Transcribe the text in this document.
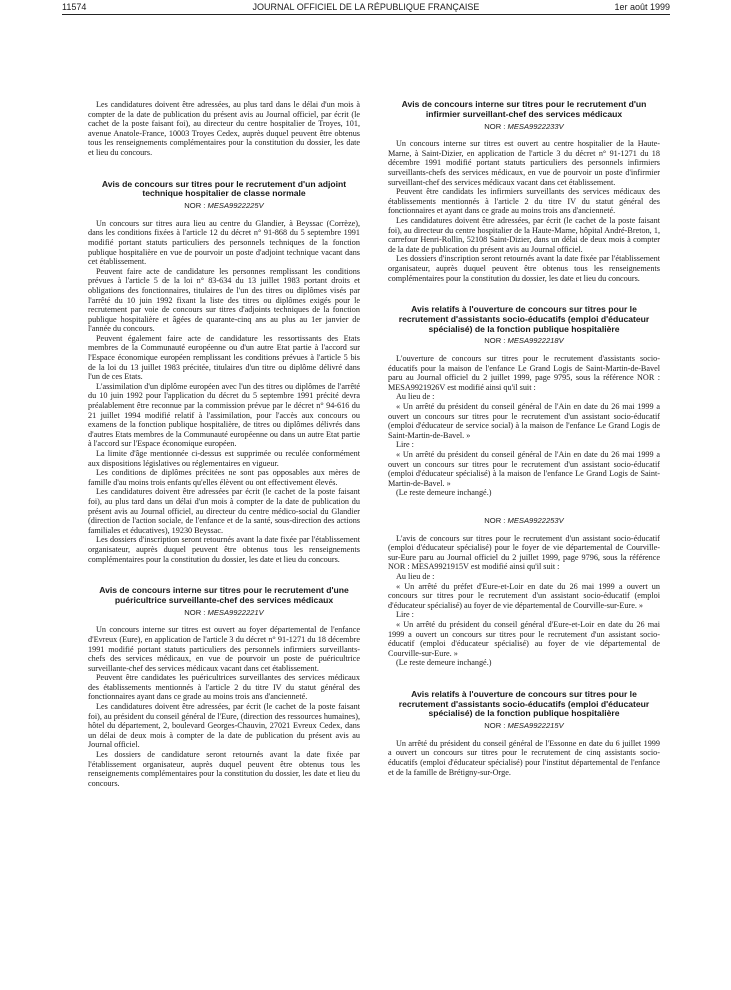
11574	JOURNAL OFFICIEL DE LA RÉPUBLIQUE FRANÇAISE	1er août 1999

Les candidatures doivent être adressées, au plus tard dans le délai d'un mois à compter de la date de publication du présent avis au Journal officiel, par écrit (le cachet de la poste faisant foi), au directeur du centre hospitalier de Troyes, 101, avenue Anatole-France, 10003 Troyes Cedex, auprès duquel peuvent être obtenus tous les renseignements complémentaires pour la constitution du dossier, les date et lieu du concours.

Avis de concours sur titres pour le recrutement d'un adjoint technique hospitalier de classe normale
NOR : MESA9922225V

Un concours sur titres aura lieu au centre du Glandier, à Beyssac (Corrèze), dans les conditions fixées à l'article 12 du décret n° 91-868 du 5 septembre 1991 modifié portant statuts particuliers des personnels techniques de la fonction publique hospitalière en vue de pourvoir un poste d'adjoint technique vacant dans cet établissement.

Peuvent faire acte de candidature les personnes remplissant les conditions prévues à l'article 5 de la loi n° 83-634 du 13 juillet 1983 portant droits et obligations des fonctionnaires, titulaires de l'un des titres ou diplômes visés par l'arrêté du 10 juin 1992 fixant la liste des titres ou diplômes exigés pour le recrutement par voie de concours sur titres d'adjoints techniques de la fonction publique hospitalière et âgées de quarante-cinq ans au plus au 1er janvier de l'année du concours.

Peuvent également faire acte de candidature les ressortissants des Etats membres de la Communauté européenne ou d'un autre Etat partie à l'accord sur l'Espace économique européen remplissant les conditions prévues à l'article 5 bis de la loi du 13 juillet 1983 précitée, titulaires d'un titre ou diplôme délivré dans l'un de ces Etats.

L'assimilation d'un diplôme européen avec l'un des titres ou diplômes de l'arrêté du 10 juin 1992 pour l'application du décret du 5 septembre 1991 précité devra préalablement être reconnue par la commission prévue par le décret n° 94-616 du 21 juillet 1994 modifié relatif à l'assimilation, pour l'accès aux concours ou examens de la fonction publique hospitalière, de titres ou diplômes délivrés dans d'autres Etats membres de la Communauté européenne ou dans un autre Etat partie à l'accord sur l'Espace économique européen.

La limite d'âge mentionnée ci-dessus est supprimée ou reculée conformément aux dispositions législatives ou réglementaires en vigueur.

Les conditions de diplômes précitées ne sont pas opposables aux mères de famille d'au moins trois enfants qu'elles élèvent ou ont effectivement élevés.

Les candidatures doivent être adressées par écrit (le cachet de la poste faisant foi), au plus tard dans un délai d'un mois à compter de la date de publication du présent avis au Journal officiel, au directeur du centre médico-social du Glandier (direction de l'action sociale, de l'enfance et de la santé, sous-direction des actions familiales et éducatives), 19230 Beyssac.

Les dossiers d'inscription seront retournés avant la date fixée par l'établissement organisateur, auprès duquel peuvent être obtenus tous les renseignements complémentaires pour la constitution du dossier, les date et lieu du concours.

Avis de concours interne sur titres pour le recrutement d'une puéricultrice surveillante-chef des services médicaux
NOR : MESA9922221V

Un concours interne sur titres est ouvert au foyer départemental de l'enfance d'Evreux (Eure), en application de l'article 3 du décret n° 91-1271 du 18 décembre 1991 modifié portant statuts particuliers des personnels infirmiers surveillants-chefs des services médicaux, en vue de pourvoir un poste de puéricultrice surveillante-chef des services médicaux vacant dans cet établissement.

Peuvent être candidates les puéricultrices surveillantes des services médicaux des établissements mentionnés à l'article 2 du titre IV du statut général des fonctionnaires ayant dans ce grade au moins trois ans d'ancienneté.

Les candidatures doivent être adressées, par écrit (le cachet de la poste faisant foi), au président du conseil général de l'Eure, (direction des ressources humaines), hôtel du département, 2, boulevard Georges-Chauvin, 27021 Evreux Cedex, dans un délai de deux mois à compter de la date de publication du présent avis au Journal officiel.

Les dossiers de candidature seront retournés avant la date fixée par l'établissement organisateur, auprès duquel peuvent être obtenus tous les renseignements complémentaires pour la constitution du dossier, les date et lieu du concours.

Avis de concours interne sur titres pour le recrutement d'un infirmier surveillant-chef des services médicaux
NOR : MESA9922233V

Un concours interne sur titres est ouvert au centre hospitalier de la Haute-Marne, à Saint-Dizier, en application de l'article 3 du décret n° 91-1271 du 18 décembre 1991 modifié portant statuts particuliers des personnels infirmiers surveillants-chefs des services médicaux, en vue de pourvoir un poste d'infirmier surveillant-chef des services médicaux vacant dans cet établissement.

Peuvent être candidats les infirmiers surveillants des services médicaux des établissements mentionnés à l'article 2 du titre IV du statut général des fonctionnaires et ayant dans ce grade au moins trois ans d'ancienneté.

Les candidatures doivent être adressées, par écrit (le cachet de la poste faisant foi), au directeur du centre hospitalier de la Haute-Marne, hôpital André-Breton, 1, carrefour Henri-Rollin, 52108 Saint-Dizier, dans un délai de deux mois à compter de la date de publication du présent avis au Journal officiel.

Les dossiers d'inscription seront retournés avant la date fixée par l'établissement organisateur, auprès duquel peuvent être obtenus tous les renseignements complémentaires pour la constitution du dossier, les date et lieu du concours.

Avis relatifs à l'ouverture de concours sur titres pour le recrutement d'assistants socio-éducatifs (emploi d'éducateur spécialisé) de la fonction publique hospitalière
NOR : MESA9922218V

L'ouverture de concours sur titres pour le recrutement d'assistants socio-éducatifs pour la maison de l'enfance Le Grand Logis de Saint-Martin-de-Bavel paru au Journal officiel du 2 juillet 1999, page 9795, sous la référence NOR : MESA9921926V est modifié ainsi qu'il suit :

Au lieu de :

« Un arrêté du président du conseil général de l'Ain en date du 26 mai 1999 a ouvert un concours sur titres pour le recrutement d'un assistant socio-éducatif (emploi d'éducateur de service social) à la maison de l'enfance Le Grand Logis de Saint-Martin-de-Bavel. »

Lire :

« Un arrêté du président du conseil général de l'Ain en date du 26 mai 1999 a ouvert un concours sur titres pour le recrutement d'un assistant socio-éducatif (emploi d'éducateur spécialisé) à la maison de l'enfance Le Grand Logis de Saint-Martin-de-Bavel. »

(Le reste demeure inchangé.)

NOR : MESA9922253V

L'avis de concours sur titres pour le recrutement d'un assistant socio-éducatif (emploi d'éducateur spécialisé) pour le foyer de vie départemental de Courville-sur-Eure paru au Journal officiel du 2 juillet 1999, page 9796, sous la référence NOR : MESA9921915V est modifié ainsi qu'il suit :

Au lieu de :

« Un arrêté du préfet d'Eure-et-Loir en date du 26 mai 1999 a ouvert un concours sur titres pour le recrutement d'un assistant socio-éducatif (emploi d'éducateur spécialisé) au foyer de vie départemental de Courville-sur-Eure. »

Lire :

« Un arrêté du président du conseil général d'Eure-et-Loir en date du 26 mai 1999 a ouvert un concours sur titres pour le recrutement d'un assistant socio-éducatif (emploi d'éducateur spécialisé) au foyer de vie départemental de Courville-sur-Eure. »

(Le reste demeure inchangé.)

Avis relatifs à l'ouverture de concours sur titres pour le recrutement d'assistants socio-éducatifs (emploi d'éducateur spécialisé) de la fonction publique hospitalière
NOR : MESA9922215V

Un arrêté du président du conseil général de l'Essonne en date du 6 juillet 1999 a ouvert un concours sur titres pour le recrutement de cinq assistants socio-éducatifs (emploi d'éducateur spécialisé) pour l'institut départemental de l'enfance et de la famille de Brétigny-sur-Orge.
